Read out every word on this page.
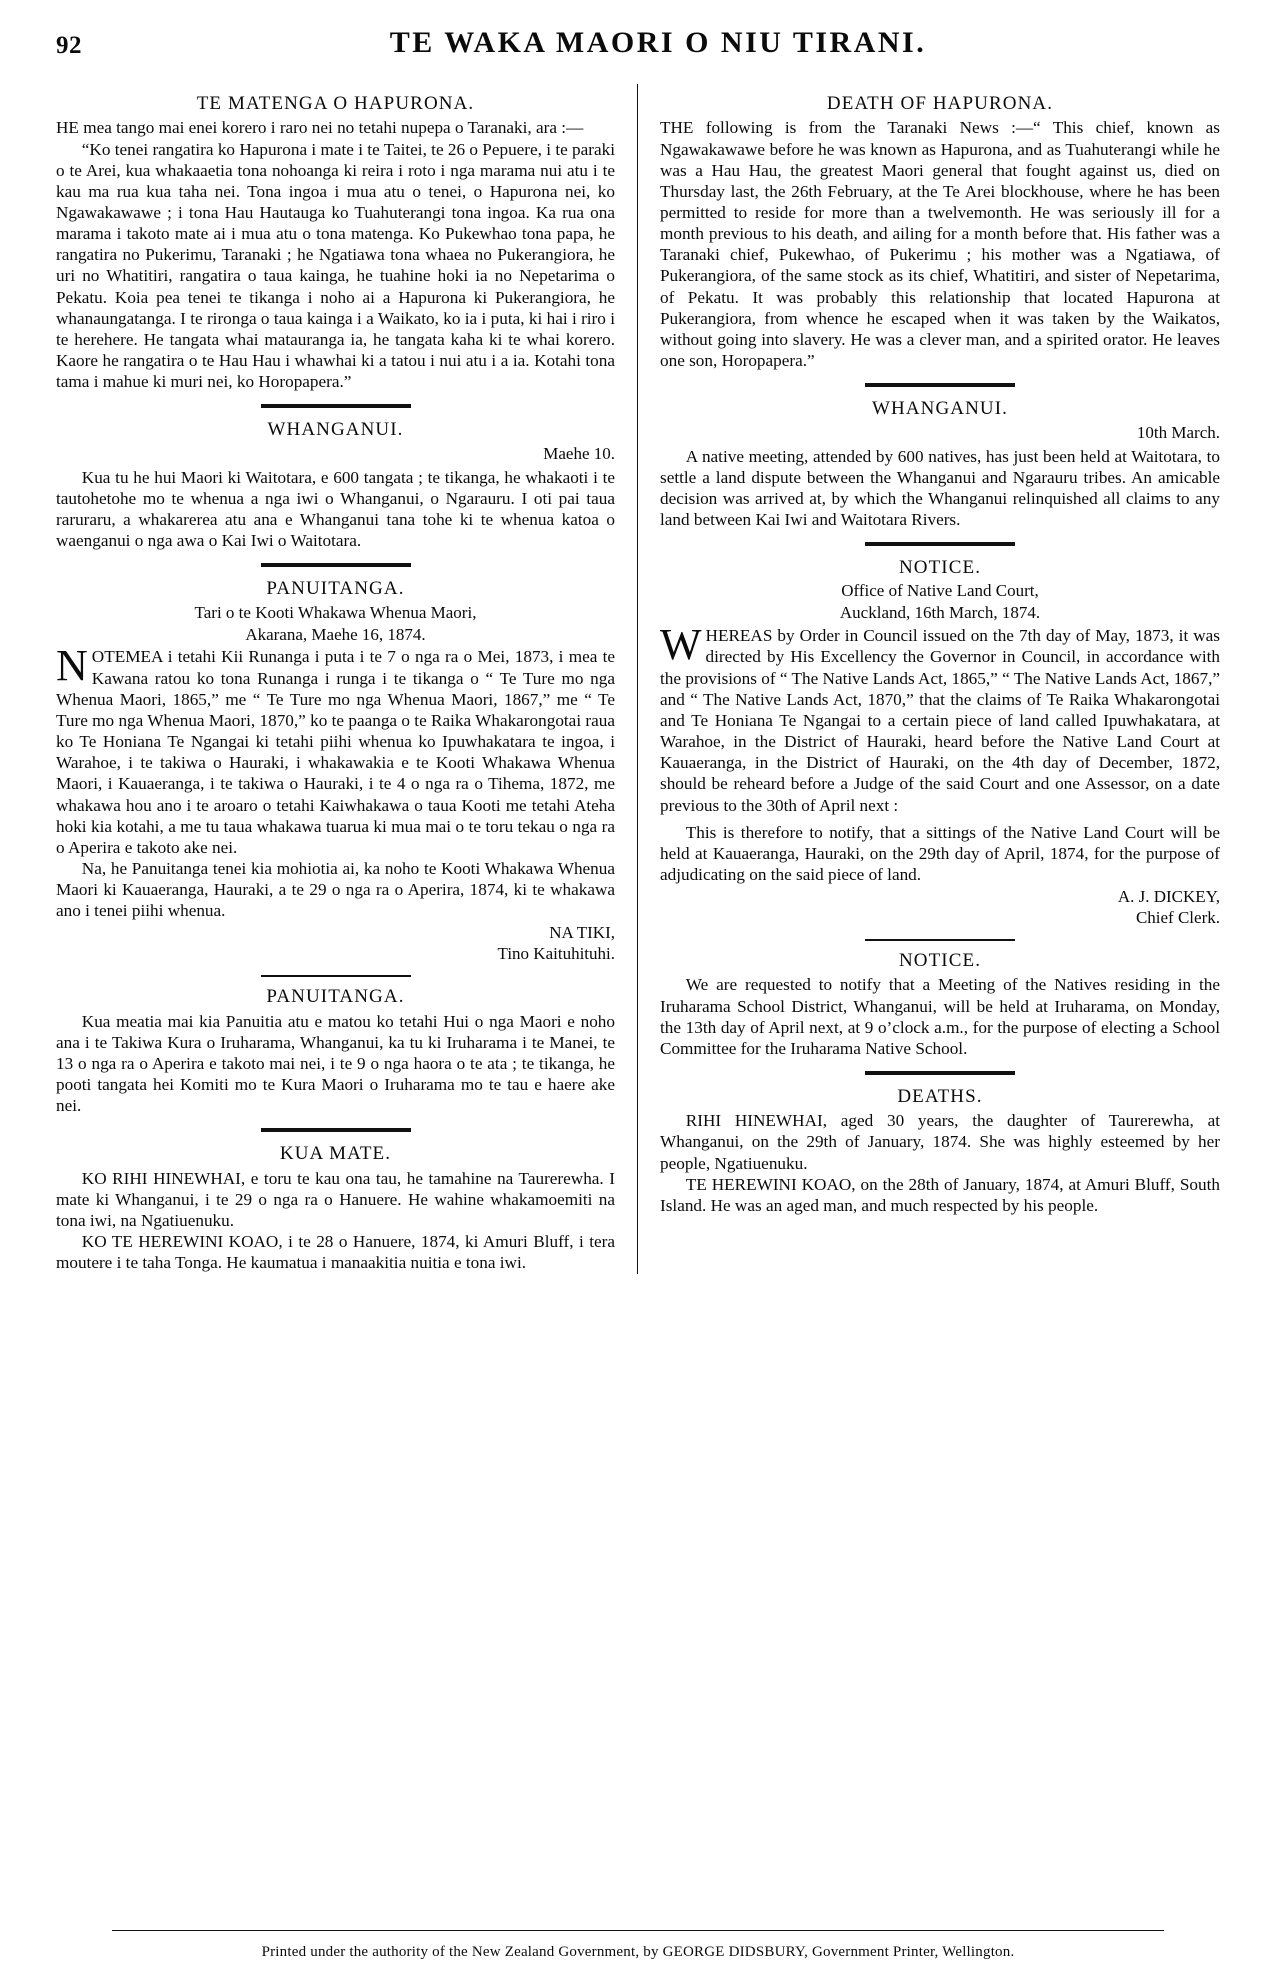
92	TE WAKA MAORI O NIU TIRANI.
TE MATENGA O HAPURONA.

HE mea tango mai enei korero i raro nei no tetahi nupepa o Taranaki, ara :—

“Ko tenei rangatira ko Hapurona i mate i te Taitei, te 26 o Pepuere, i te paraki o te Arei, kua whakaaetia tona nohoanga ki reira i roto i nga marama nui atu i te kau ma rua kua taha nei. Tona ingoa i mua atu o tenei, o Hapurona nei, ko Ngawakawawe ; i tona Hau Hautauga ko Tuahuterangi tona ingoa. Ka rua ona marama i takoto mate ai i mua atu o tona matenga. Ko Pukewhao tona papa, he rangatira no Pukerimu, Taranaki ; he Ngatiawa tona whaea no Pukerangiora, he uri no Whatitiri, rangatira o taua kainga, he tuahine hoki ia no Nepetarima o Pekatu. Koia pea tenei te tikanga i noho ai a Hapurona ki Pukerangiora, he whanaungatanga. I te rironga o taua kainga i a Waikato, ko ia i puta, ki hai i riro i te herehere. He tangata whai matauranga ia, he tangata kaha ki te whai korero. Kaore he rangatira o te Hau Hau i whawhai ki a tatou i nui atu i a ia. Kotahi tona tama i mahue ki muri nei, ko Horopapera.”

WHANGANUI.
Maehe 10.

Kua tu he hui Maori ki Waitotara, e 600 tangata ; te tikanga, he whakaoti i te tautohetohe mo te whenua a nga iwi o Whanganui, o Ngarauru. I oti pai taua raruraru, a whakarerea atu ana e Whanganui tana tohe ki te whenua katoa o waenganui o nga awa o Kai Iwi o Waitotara.

PANUITANGA.
Tari o te Kooti Whakawa Whenua Maori,
Akarana, Maehe 16, 1874.
N OTEMEA i tetahi Kii Runanga i puta i te 7 o nga ra o Mei, 1873, i mea te Kawana ratou ko tona Runanga i runga i te tikanga o “ Te Ture mo nga Whenua Maori, 1865,” me “ Te Ture mo nga Whenua Maori, 1867,” me “ Te Ture mo nga Whenua Maori, 1870,” ko te paanga o te Raika Whakarongotai raua ko Te Honiana Te Ngangai ki tetahi piihi whenua ko Ipuwhakatara te ingoa, i Warahoe, i te takiwa o Hauraki, i whakawakia e te Kooti Whakawa Whenua Maori, i Kauaeranga, i te takiwa o Hauraki, i te 4 o nga ra o Tihema, 1872, me whakawa hou ano i te aroaro o tetahi Kaiwhakawa o taua Kooti me tetahi Ateha hoki kia kotahi, a me tu taua whakawa tuarua ki mua mai o te toru tekau o nga ra o Aperira e takoto ake nei.

Na, he Panuitanga tenei kia mohiotia ai, ka noho te Kooti Whakawa Whenua Maori ki Kauaeranga, Hauraki, a te 29 o nga ra o Aperira, 1874, ki te whakawa ano i tenei piihi whenua.

NA TIKI,
Tino Kaituhituhi.
PANUITANGA.

Kua meatia mai kia Panuitia atu e matou ko tetahi Hui o nga Maori e noho ana i te Takiwa Kura o Iruharama, Whanganui, ka tu ki Iruharama i te Manei, te 13 o nga ra o Aperira e takoto mai nei, i te 9 o nga haora o te ata ; te tikanga, he pooti tangata hei Komiti mo te Kura Maori o Iruharama mo te tau e haere ake nei.

KUA MATE.

KO RIHI HINEWHAI, e toru te kau ona tau, he tamahine na Taurerewha. I mate ki Whanganui, i te 29 o nga ra o Hanuere. He wahine whakamoemiti na tona iwi, na Ngatiuenuku.

KO TE HEREWINI KOAO, i te 28 o Hanuere, 1874, ki Amuri Bluff, i tera moutere i te taha Tonga. He kaumatua i manaakitia nuitia e tona iwi.

DEATH OF HAPURONA.

THE following is from the Taranaki News :—“ This chief, known as Ngawakawawe before he was known as Hapurona, and as Tuahuterangi while he was a Hau Hau, the greatest Maori general that fought against us, died on Thursday last, the 26th February, at the Te Arei blockhouse, where he has been permitted to reside for more than a twelvemonth. He was seriously ill for a month previous to his death, and ailing for a month before that. His father was a Taranaki chief, Pukewhao, of Pukerimu ; his mother was a Ngatiawa, of Pukerangiora, of the same stock as its chief, Whatitiri, and sister of Nepetarima, of Pekatu. It was probably this relationship that located Hapurona at Pukerangiora, from whence he escaped when it was taken by the Waikatos, without going into slavery. He was a clever man, and a spirited orator. He leaves one son, Horopapera.”

WHANGANUI.
10th March.

A native meeting, attended by 600 natives, has just been held at Waitotara, to settle a land dispute between the Whanganui and Ngarauru tribes. An amicable decision was arrived at, by which the Whanganui relinquished all claims to any land between Kai Iwi and Waitotara Rivers.

NOTICE.
Office of Native Land Court,
Auckland, 16th March, 1874.
W HEREAS by Order in Council issued on the 7th day of May, 1873, it was directed by His Excellency the Governor in Council, in accordance with the provisions of “ The Native Lands Act, 1865,” “ The Native Lands Act, 1867,” and “ The Native Lands Act, 1870,” that the claims of Te Raika Whakarongotai and Te Honiana Te Ngangai to a certain piece of land called Ipuwhakatara, at Warahoe, in the District of Hauraki, heard before the Native Land Court at Kauaeranga, in the District of Hauraki, on the 4th day of December, 1872, should be reheard before a Judge of the said Court and one Assessor, on a date previous to the 30th of April next :

This is therefore to notify, that a sittings of the Native Land Court will be held at Kauaeranga, Hauraki, on the 29th day of April, 1874, for the purpose of adjudicating on the said piece of land.

A. J. DICKEY,
Chief Clerk.
NOTICE.

We are requested to notify that a Meeting of the Natives residing in the Iruharama School District, Whanganui, will be held at Iruharama, on Monday, the 13th day of April next, at 9 o’clock a.m., for the purpose of electing a School Committee for the Iruharama Native School.

DEATHS.

RIHI HINEWHAI, aged 30 years, the daughter of Taurerewha, at Whanganui, on the 29th of January, 1874. She was highly esteemed by her people, Ngatiuenuku.

TE HEREWINI KOAO, on the 28th of January, 1874, at Amuri Bluff, South Island. He was an aged man, and much respected by his people.

Printed under the authority of the New Zealand Government, by GEORGE DIDSBURY, Government Printer, Wellington.
